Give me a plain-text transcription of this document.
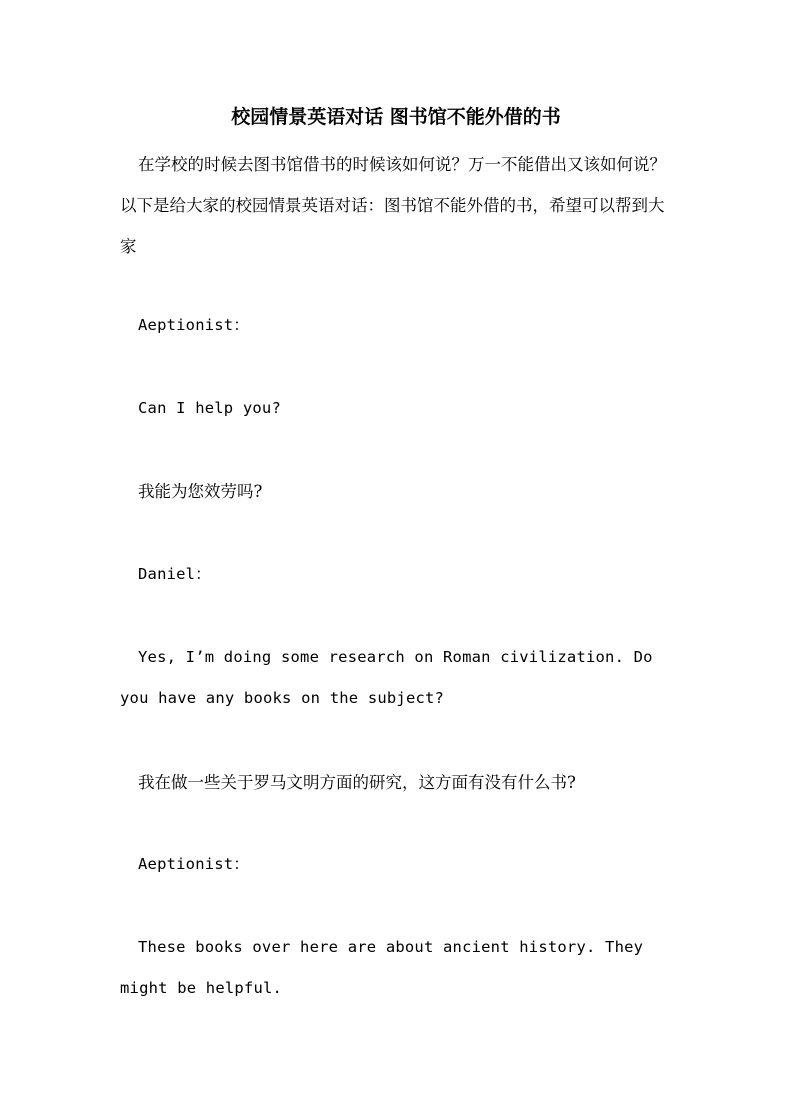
校园情景英语对话 图书馆不能外借的书

在学校的时候去图书馆借书的时候该如何说？万一不能借出又该如何说？以下是给大家的校园情景英语对话：图书馆不能外借的书，希望可以帮到大家

Aeptionist：

Can I help you?

我能为您效劳吗?

Daniel：

Yes, I’m doing some research on Roman civilization. Do you have any books on the subject?

我在做一些关于罗马文明方面的研究，这方面有没有什么书?

Aeptionist：

These books over here are about ancient history. They might be helpful.
